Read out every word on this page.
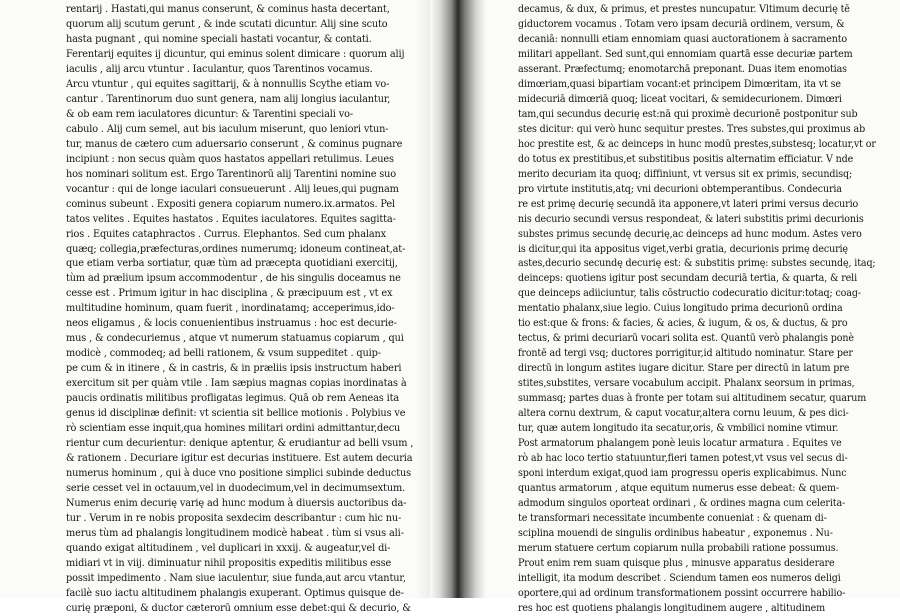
rentarij . Hastati,qui manus conserunt, & cominus hasta decertant,
quorum alij scutum gerunt , & inde scutati dicuntur. Alij sine scuto
hasta pugnant , qui nomine speciali hastati vocantur, & contati.
Ferentarij equites ij dicuntur, qui eminus solent dimicare : quorum alij
iaculis , alij arcu vtuntur . Iaculantur, quos Tarentinos vocamus.
Arcu vtuntur , qui equites sagittarij, & à nonnullis Scythe etiam vo-
cantur . Tarentinorum duo sunt genera, nam alij longius iaculantur,
& ob eam rem iaculatores dicuntur: & Tarentini speciali vo-
cabulo . Alij cum semel, aut bis iaculum miserunt, quo leniori vtun-
tur, manus de cætero cum aduersario conserunt , & cominus pugnare
incipiunt : non secus quàm quos hastatos appellari retulimus. Leues
hos nominari solitum est. Ergo Tarentinorū alij Tarentini nomine suo
vocantur : qui de longe iaculari consueuerunt . Alij leues,qui pugnam
cominus subeunt . Expositi genera copiarum numero.ix.armatos. Pel
tatos velites . Equites hastatos . Equites iaculatores. Equites sagitta-
rios . Equites cataphractos . Currus. Elephantos. Sed cum phalanx
quæq; collegia,præfecturas,ordines numerumq; idoneum contineat,at-
que etiam verba sortiatur, quæ tùm ad præcepta quotidiani exercitij,
tùm ad prælium ipsum accommodentur , de his singulis doceamus ne
cesse est . Primum igitur in hac disciplina , & præcipuum est , vt ex
multitudine hominum, quam fuerit , inordinatamq; acceperimus,ido-
neos eligamus , & locis conuenientibus instruamus : hoc est decurie-
mus , & condecuriemus , atque vt numerum statuamus copiarum , qui
modicè , commodeq; ad belli rationem, & vsum suppeditet . quip-
pe cum & in itinere , & in castris, & in præliis ipsis instructum haberi
exercitum sit per quàm vtile . Iam sæpius magnas copias inordinatas à
paucis ordinatis militibus profligatas legimus. Quā ob rem Aeneas ita
genus id disciplinæ definit: vt scientia sit bellice motionis . Polybius ve
rò scientiam esse inquit,qua homines militari ordini admittantur,decu
rientur cum decurientur: denique aptentur, & erudiantur ad belli vsum ,
& rationem . Decuriare igitur est decurias instituere. Est autem decuria
numerus hominum , qui à duce vno positione simplici subinde deductus
serie cesset vel in octauum,vel in duodecimum,vel in decimumsextum.
Numerus enim decurię varię ad hunc modum à diuersis auctoribus da-
tur . Verum in re nobis proposita sexdecim describantur : cum hic nu-
merus tùm ad phalangis longitudinem modicè habeat . tùm si vsus ali-
quando exigat altitudinem , vel duplicari in xxxij. & augeatur,vel di-
midiari vt in viij. diminuatur nihil propositis expeditis militibus esse
possit impedimento . Nam siue iaculentur, siue funda,aut arcu vtantur,
facilè suo iactu altitudinem phalangis exuperant. Optimus quisque de-
curię præponi, & ductor cæterorū omnium esse debet:qui & decurio, &
decamus, & dux, & primus, et prestes nuncupatur. Vltimum decurię tē
giductorem vocamus . Totam vero ipsam decuriā ordinem, versum, &
decaniā: nonnulli etiam ennomiam quasi auctorationem à sacramento
militari appellant. Sed sunt,qui ennomiam quartā esse decuriæ partem
asserant. Præfectumq; enomotarchā preponant. Duas item enomotias
dimœriam,quasi bipartiam vocant:et principem Dimœritam, ita vt se
midecuriā dimœriā quoq; liceat vocitari, & semidecurionem. Dimœri
tam,qui secundus decurię est:nā qui proximè decurionē postponitur sub
stes dicitur: qui verò hunc sequitur prestes. Tres substes,qui proximus ab
hoc prestite est, & ac deinceps in hunc modū prestes,substesq; locatur,vt or
do totus ex prestitibus,et substitibus positis alternatim efficiatur. V nde
merito decuriam ita quoq; diffiniunt, vt versus sit ex primis, secundisq;
pro virtute institutis,atq; vni decurioni obtemperantibus. Condecuria
re est primę decurię secundā ita apponere,vt lateri primi versus decurio
nis decurio secundi versus respondeat, & lateri substitis primi decurionis
substes primus secundę decurię,ac deinceps ad hunc modum. Astes vero
is dicitur,qui ita appositus viget,verbi gratia, decurionis primę decurię
astes,decurio secundę decurię est: & substitis primę: substes secundę, itaq;
deinceps: quotiens igitur post secundam decuriā tertia, & quarta, & reli
que deinceps adiiciuntur, talis cōstructio codecuratio dicitur:totaq; coag-
mentatio phalanx,siue legio. Cuius longitudo prima decurionū ordina
tio est:que & frons: & facies, & acies, & iugum, & os, & ductus, & pro
tectus, & primi decuriarū vocari solita est. Quantū verò phalangis ponè
frontē ad tergi vsq; ductores porrigitur,id altitudo nominatur. Stare per
directū in longum astites iugare dicitur. Stare per directū in latum pre
stites,substites, versare vocabulum accipit. Phalanx seorsum in primas,
summasq; partes duas à fronte per totam sui altitudinem secatur, quarum
altera cornu dextrum, & caput vocatur,altera cornu leuum, & pes dici-
tur, quæ autem longitudo ita secatur,oris, & vmbilici nomine vtimur.
Post armatorum phalangem ponè leuis locatur armatura . Equites ve
rò ab hac loco tertio statuuntur,fieri tamen potest,vt vsus vel secus di-
sponi interdum exigat,quod iam progressu operis explicabimus. Nunc
quantus armatorum , atque equitum numerus esse debeat: & quem-
admodum singulos oporteat ordinari , & ordines magna cum celerita-
te transformari necessitate incumbente conueniat : & quenam di-
sciplina mouendi de singulis ordinibus habeatur , exponemus . Nu-
merum statuere certum copiarum nulla probabili ratione possumus.
Prout enim rem suam quisque plus , minusve apparatus desiderare
intelligit, ita modum describet . Sciendum tamen eos numeros deligi
oportere,qui ad ordinum transformationem possint occurrere habilio-
res hoc est quotiens phalangis longitudinem augere , altitudinem
